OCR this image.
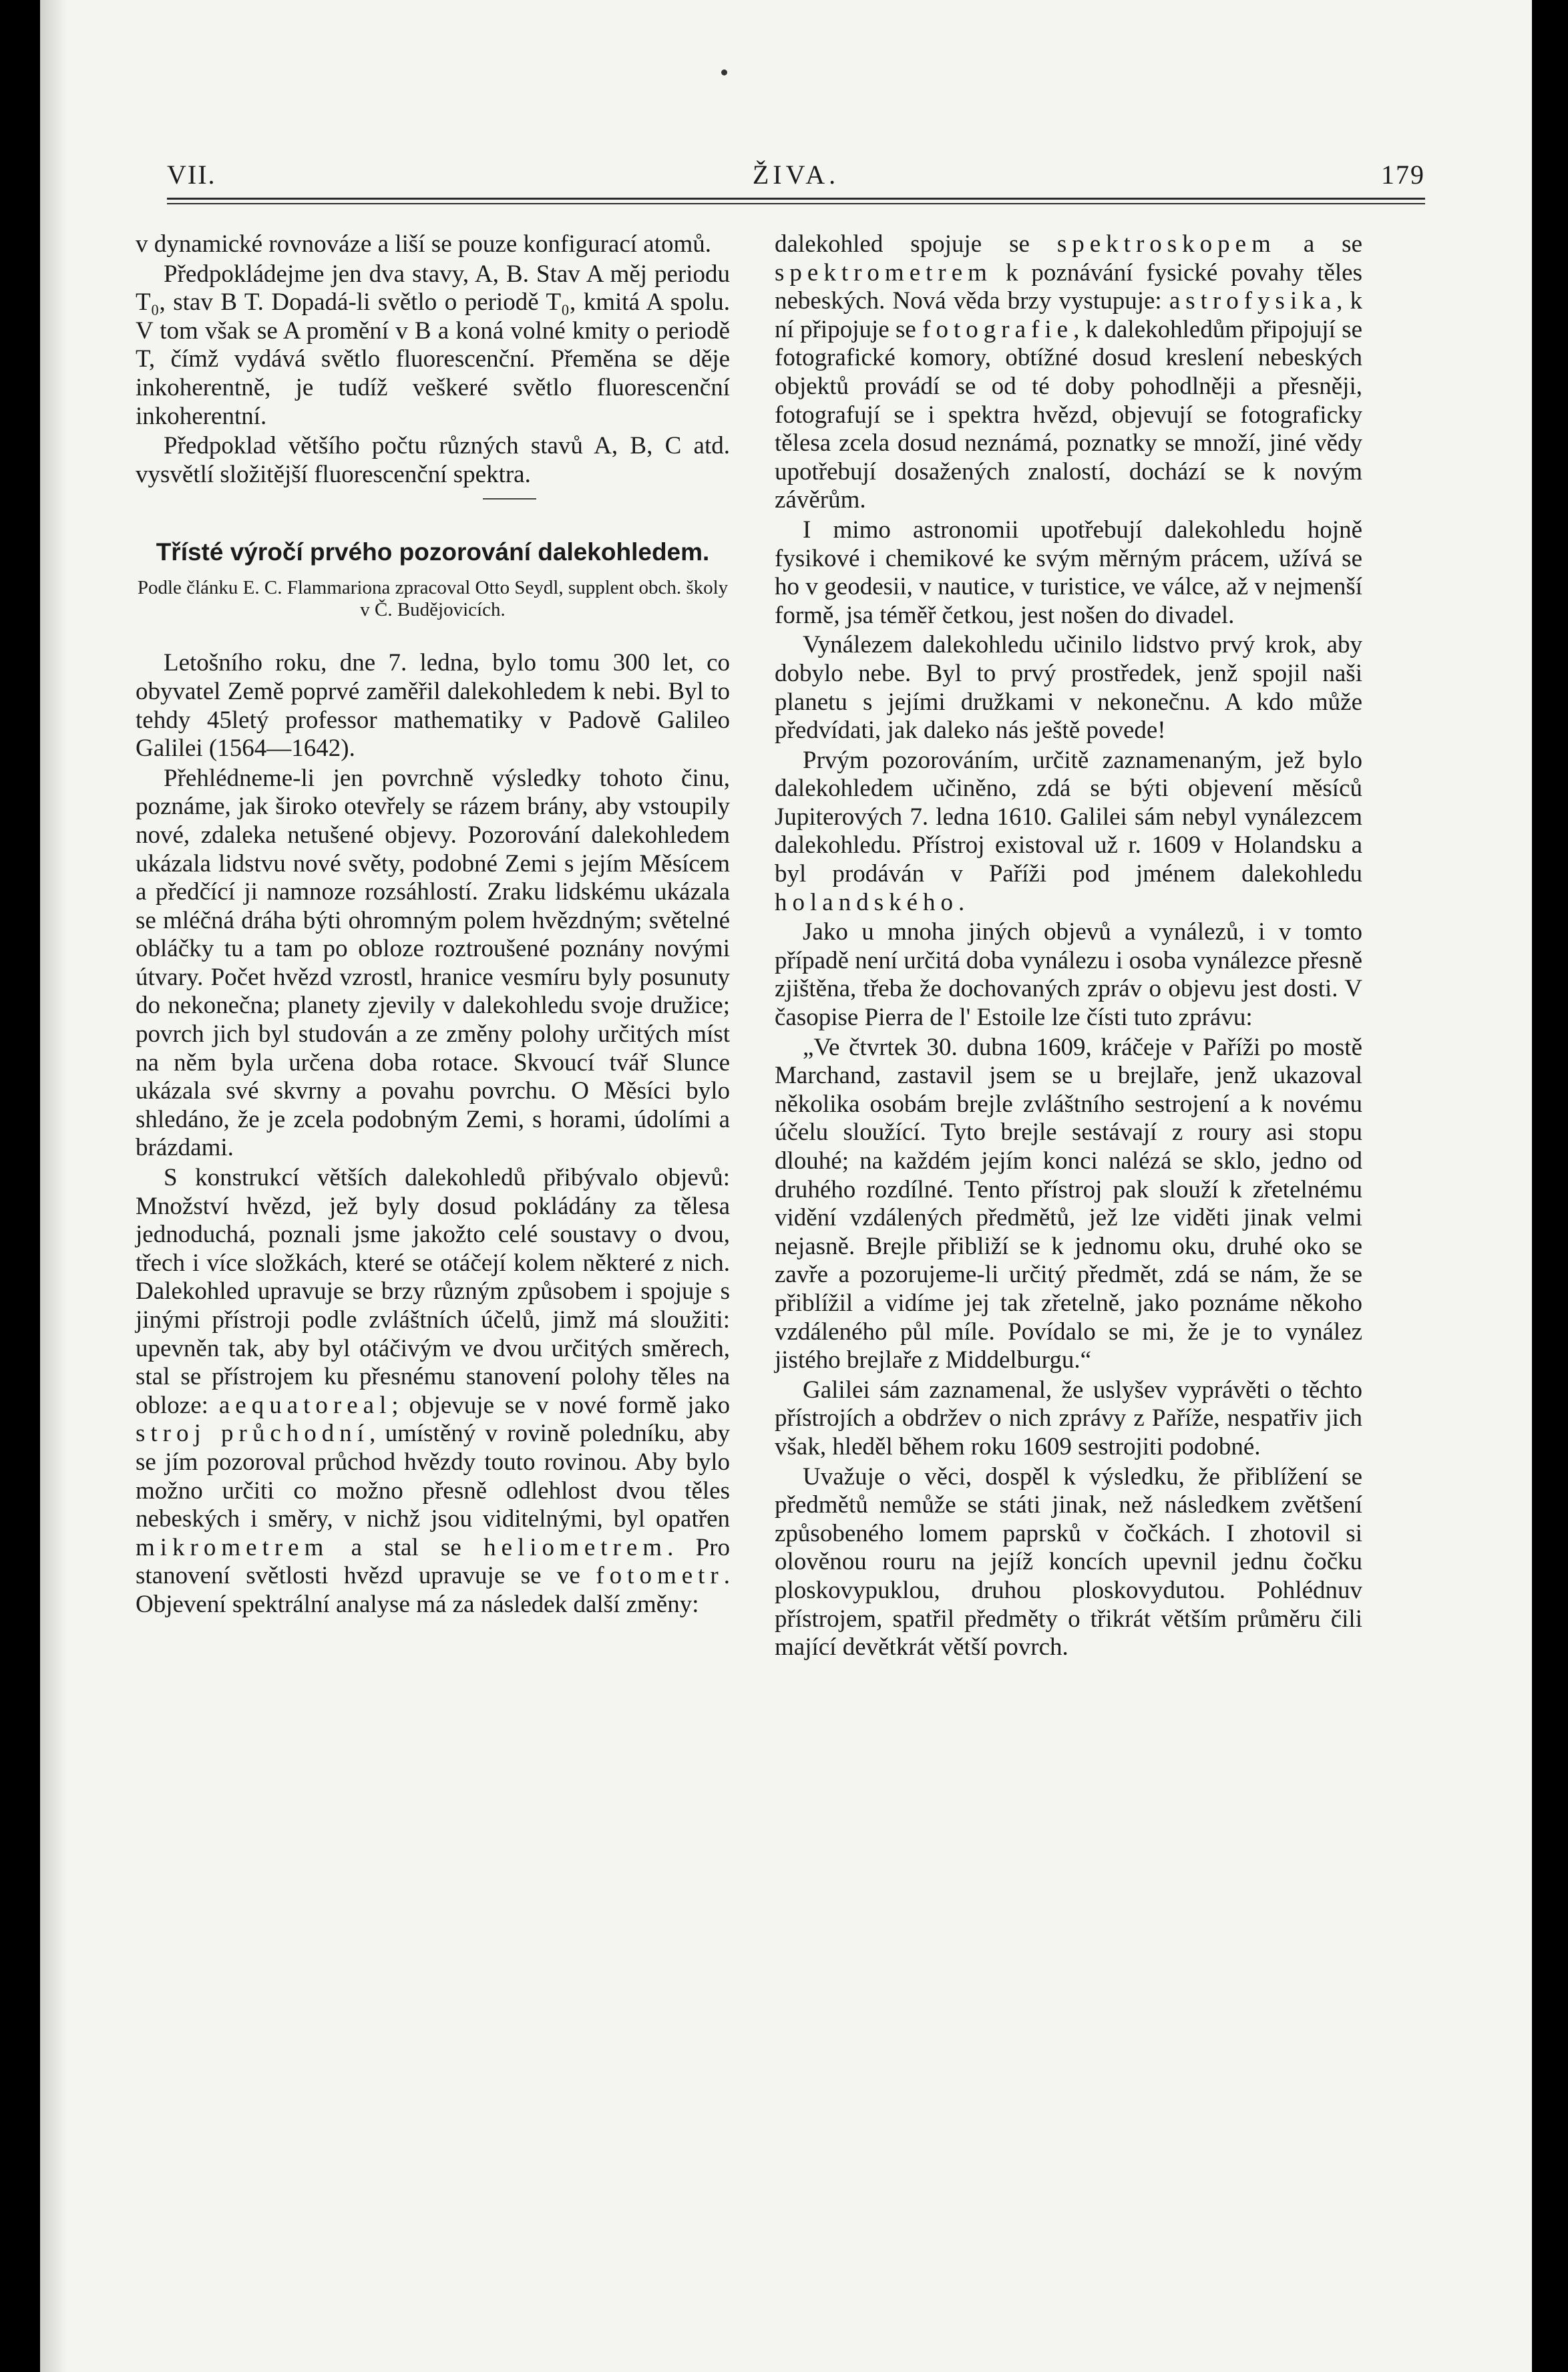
VII.	ŽIVA.	179

v dynamické rovnováze a liší se pouze konfigurací atomů.

Předpokládejme jen dva stavy, A, B. Stav A měj periodu T₀, stav B T. Dopadá-li světlo o periodě T₀, kmitá A spolu. V tom však se A promění v B a koná volné kmity o periodě T, čímž vydává světlo fluorescenční. Přeměna se děje inkoherentně, je tudíž veškeré světlo fluorescenční inkoherentní.

Předpoklad většího počtu různých stavů A, B, C atd. vysvětlí složitější fluorescenční spektra.

Třísté výročí prvého pozorování dalekohledem.
Podle článku E. C. Flammariona zpracoval Otto Seydl, supplent obch. školy v Č. Budějovicích.

Letošního roku, dne 7. ledna, bylo tomu 300 let, co obyvatel Země poprvé zaměřil dalekohledem k nebi. Byl to tehdy 45letý professor mathematiky v Padově Galileo Galilei (1564—1642).

Přehlédneme-li jen povrchně výsledky tohoto činu, poznáme, jak široko otevřely se rázem brány, aby vstoupily nové, zdaleka netušené objevy. Pozorování dalekohledem ukázala lidstvu nové světy, podobné Zemi s jejím Měsícem a předčící ji namnoze rozsáhlostí. Zraku lidskému ukázala se mléčná dráha býti ohromným polem hvězdným; světelné obláčky tu a tam po obloze roztroušené poznány novými útvary. Počet hvězd vzrostl, hranice vesmíru byly posunuty do nekonečna; planety zjevily v dalekohledu svoje družice; povrch jich byl studován a ze změny polohy určitých míst na něm byla určena doba rotace. Skvoucí tvář Slunce ukázala své skvrny a povahu povrchu. O Měsíci bylo shledáno, že je zcela podobným Zemi, s horami, údolími a brázdami.

S konstrukcí větších dalekohledů přibývalo objevů: Množství hvězd, jež byly dosud pokládány za tělesa jednoduchá, poznali jsme jakožto celé soustavy o dvou, třech i více složkách, které se otáčejí kolem některé z nich. Dalekohled upravuje se brzy různým způsobem i spojuje s jinými přístroji podle zvláštních účelů, jimž má sloužiti: upevněn tak, aby byl otáčivým ve dvou určitých směrech, stal se přístrojem ku přesnému stanovení polohy těles na obloze: aequatoreal; objevuje se v nové formě jako stroj průchodní, umístěný v rovině poledníku, aby se jím pozoroval průchod hvězdy touto rovinou. Aby bylo možno určiti co možno přesně odlehlost dvou těles nebeských i směry, v nichž jsou viditelnými, byl opatřen mikrometrem a stal se heliometrem. Pro stanovení světlosti hvězd upravuje se ve fotometr. Objevení spektrální analyse má za následek další změny:

dalekohled spojuje se spektroskopem a se spektrometrem k poznávání fysické povahy těles nebeských. Nová věda brzy vystupuje: astrofysika, k ní připojuje se fotografie, k dalekohledům připojují se fotografické komory, obtížné dosud kreslení nebeských objektů provádí se od té doby pohodlněji a přesněji, fotografují se i spektra hvězd, objevují se fotograficky tělesa zcela dosud neznámá, poznatky se množí, jiné vědy upotřebují dosažených znalostí, dochází se k novým závěrům.

I mimo astronomii upotřebují dalekohledu hojně fysikové i chemikové ke svým měrným prácem, užívá se ho v geodesii, v nautice, v turistice, ve válce, až v nejmenší formě, jsa téměř četkou, jest nošen do divadel.

Vynálezem dalekohledu učinilo lidstvo prvý krok, aby dobylo nebe. Byl to prvý prostředek, jenž spojil naši planetu s jejími družkami v nekonečnu. A kdo může předvídati, jak daleko nás ještě povede!

Prvým pozorováním, určitě zaznamenaným, jež bylo dalekohledem učiněno, zdá se býti objevení měsíců Jupiterových 7. ledna 1610. Galilei sám nebyl vynálezcem dalekohledu. Přístroj existoval už r. 1609 v Holandsku a byl prodáván v Paříži pod jménem dalekohledu holandského.

Jako u mnoha jiných objevů a vynálezů, i v tomto případě není určitá doba vynálezu i osoba vynálezce přesně zjištěna, třeba že dochovaných zpráv o objevu jest dosti. V časopise Pierra de l' Estoile lze čísti tuto zprávu:

„Ve čtvrtek 30. dubna 1609, kráčeje v Paříži po mostě Marchand, zastavil jsem se u brejlaře, jenž ukazoval několika osobám brejle zvláštního sestrojení a k novému účelu sloužící. Tyto brejle sestávají z roury asi stopu dlouhé; na každém jejím konci nalézá se sklo, jedno od druhého rozdílné. Tento přístroj pak slouží k zřetelnému vidění vzdálených předmětů, jež lze viděti jinak velmi nejasně. Brejle přibliží se k jednomu oku, druhé oko se zavře a pozorujeme-li určitý předmět, zdá se nám, že se přiblížil a vidíme jej tak zřetelně, jako poznáme někoho vzdáleného půl míle. Povídalo se mi, že je to vynález jistého brejlaře z Middelburgu.“

Galilei sám zaznamenal, že uslyšev vyprávěti o těchto přístrojích a obdržev o nich zprávy z Paříže, nespatřiv jich však, hleděl během roku 1609 sestrojiti podobné.

Uvažuje o věci, dospěl k výsledku, že přiblížení se předmětů nemůže se státi jinak, než následkem zvětšení způsobeného lomem paprsků v čočkách. I zhotovil si olověnou rouru na jejíž koncích upevnil jednu čočku ploskovypuklou, druhou ploskovydutou. Pohlédnuv přístrojem, spatřil předměty o třikrát větším průměru čili mající devětkrát větší povrch.
